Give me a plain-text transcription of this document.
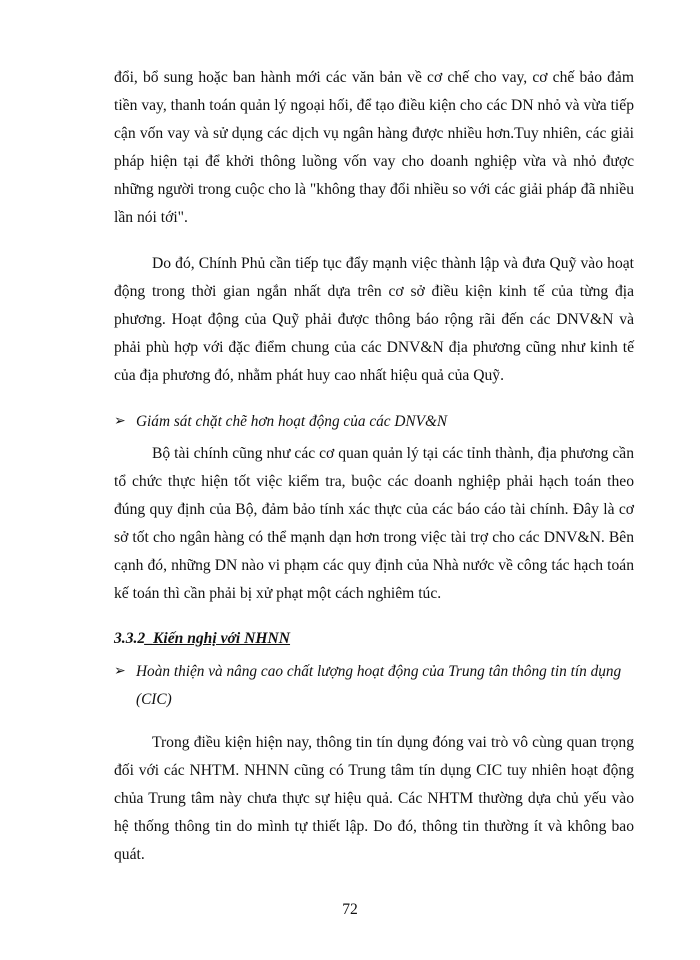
đổi, bổ sung hoặc ban hành mới các văn bản về cơ chế cho vay, cơ chế bảo đảm tiền vay, thanh toán quản lý ngoại hối, để tạo điều kiện cho các DN nhỏ và vừa tiếp cận vốn vay và sử dụng các dịch vụ ngân hàng được nhiều hơn.Tuy nhiên, các giải pháp hiện tại để khởi thông luồng vốn vay cho doanh nghiệp vừa và nhỏ được những người trong cuộc cho là "không thay đổi nhiều so với các giải pháp đã nhiều lần nói tới".

Do đó, Chính Phủ cần tiếp tục đẩy mạnh việc thành lập và đưa Quỹ vào hoạt động trong thời gian ngắn nhất dựa trên cơ sở điều kiện kinh tế của từng địa phương. Hoạt động của Quỹ phải được thông báo rộng rãi đến các DNV&N và phải phù hợp với đặc điểm chung của các DNV&N địa phương cũng như kinh tế của địa phương đó, nhằm phát huy cao nhất hiệu quả của Quỹ.

➢ Giám sát chặt chẽ hơn hoạt động của các DNV&N

Bộ tài chính cũng như các cơ quan quản lý tại các tỉnh thành, địa phương cần tổ chức thực hiện tốt việc kiểm tra, buộc các doanh nghiệp phải hạch toán theo đúng quy định của Bộ, đảm bảo tính xác thực của các báo cáo tài chính. Đây là cơ sở tốt cho ngân hàng có thể mạnh dạn hơn trong việc tài trợ cho các DNV&N. Bên cạnh đó, những DN nào vi phạm các quy định của Nhà nước về công tác hạch toán kế toán thì cần phải bị xử phạt một cách nghiêm túc.

3.3.2_Kiến nghị với NHNN

➢ Hoàn thiện và nâng cao chất lượng hoạt động của Trung tân thông tin tín dụng (CIC)

Trong điều kiện hiện nay, thông tin tín dụng đóng vai trò vô cùng quan trọng đối với các NHTM. NHNN cũng có Trung tâm tín dụng CIC tuy nhiên hoạt động chủa Trung tâm này chưa thực sự hiệu quả. Các NHTM thường dựa chủ yếu vào hệ thống thông tin do mình tự thiết lập. Do đó, thông tin thường ít và không bao quát.

72
